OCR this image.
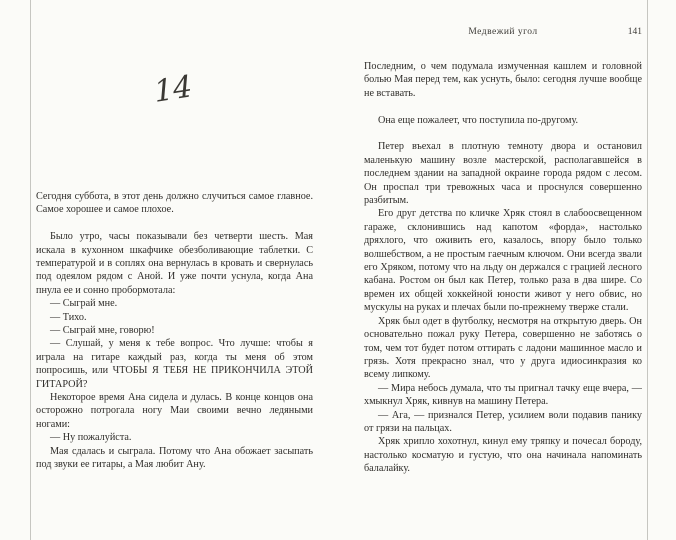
14

Сегодня суббота, в этот день должно случиться самое главное. Самое хорошее и самое плохое.

Было утро, часы показывали без четверти шесть. Мая искала в кухонном шкафчике обезболивающие таблетки. С температурой и в соплях она вернулась в кровать и свернулась под одеялом рядом с Аной. И уже почти уснула, когда Ана пнула ее и сонно пробормотала:

— Сыграй мне.

— Тихо.

— Сыграй мне, говорю!

— Слушай, у меня к тебе вопрос. Что лучше: чтобы я играла на гитаре каждый раз, когда ты меня об этом попросишь, или ЧТОБЫ Я ТЕБЯ НЕ ПРИКОНЧИЛА ЭТОЙ ГИТАРОЙ?

Некоторое время Ана сидела и дулась. В конце концов она осторожно потрогала ногу Маи своими вечно ледяными ногами:

— Ну пожалуйста.

Мая сдалась и сыграла. Потому что Ана обожает засыпать под звуки ее гитары, а Мая любит Ану.

Медвежий угол	141

Последним, о чем подумала измученная кашлем и головной болью Мая перед тем, как уснуть, было: сегодня лучше вообще не вставать.

Она еще пожалеет, что поступила по-другому.

Петер въехал в плотную темноту двора и остановил маленькую машину возле мастерской, располагавшейся в последнем здании на западной окраине города рядом с лесом. Он проспал три тревожных часа и проснулся совершенно разбитым.

Его друг детства по кличке Хряк стоял в слабоосвещенном гараже, склонившись над капотом «форда», настолько дряхлого, что оживить его, казалось, впору было только волшебством, а не простым гаечным ключом. Они всегда звали его Хряком, потому что на льду он держался с грацией лесного кабана. Ростом он был как Петер, только раза в два шире. Со времен их общей хоккейной юности живот у него обвис, но мускулы на руках и плечах были по-прежнему тверже стали.

Хряк был одет в футболку, несмотря на открытую дверь. Он основательно пожал руку Петера, совершенно не заботясь о том, чем тот будет потом оттирать с ладони машинное масло и грязь. Хотя прекрасно знал, что у друга идиосинкразия ко всему липкому.

— Мира небось думала, что ты пригнал тачку еще вчера, — хмыкнул Хряк, кивнув на машину Петера.

— Ага, — признался Петер, усилием воли подавив панику от грязи на пальцах.

Хряк хрипло хохотнул, кинул ему тряпку и почесал бороду, настолько косматую и густую, что она начинала напоминать балалайку.
